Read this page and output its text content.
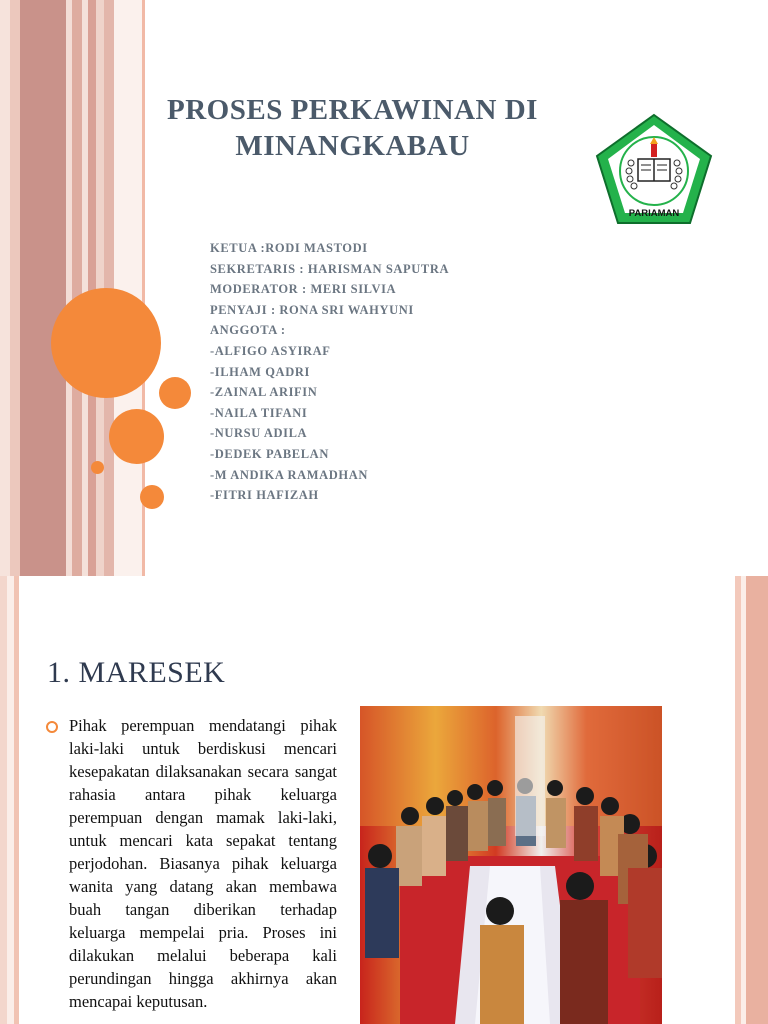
PROSES PERKAWINAN DI MINANGKABAU
PARIAMAN
KETUA :RODI MASTODI
SEKRETARIS : HARISMAN SAPUTRA
MODERATOR : MERI SILVIA
PENYAJI : RONA SRI WAHYUNI
ANGGOTA :
-ALFIGO ASYIRAF
-ILHAM QADRI
-ZAINAL ARIFIN
-NAILA TIFANI
-NURSU ADILA
-DEDEK PABELAN
-M ANDIKA RAMADHAN
-FITRI HAFIZAH
1. MARESEK

Pihak perempuan mendatangi pihak laki-laki untuk berdiskusi mencari kesepakatan dilaksanakan secara sangat rahasia antara pihak keluarga perempuan dengan mamak laki-laki, untuk mencari kata sepakat tentang perjodohan. Biasanya pihak keluarga wanita yang datang akan membawa buah tangan diberikan terhadap keluarga mempelai pria. Proses ini dilakukan melalui beberapa kali perundingan hingga akhirnya akan mencapai keputusan.
